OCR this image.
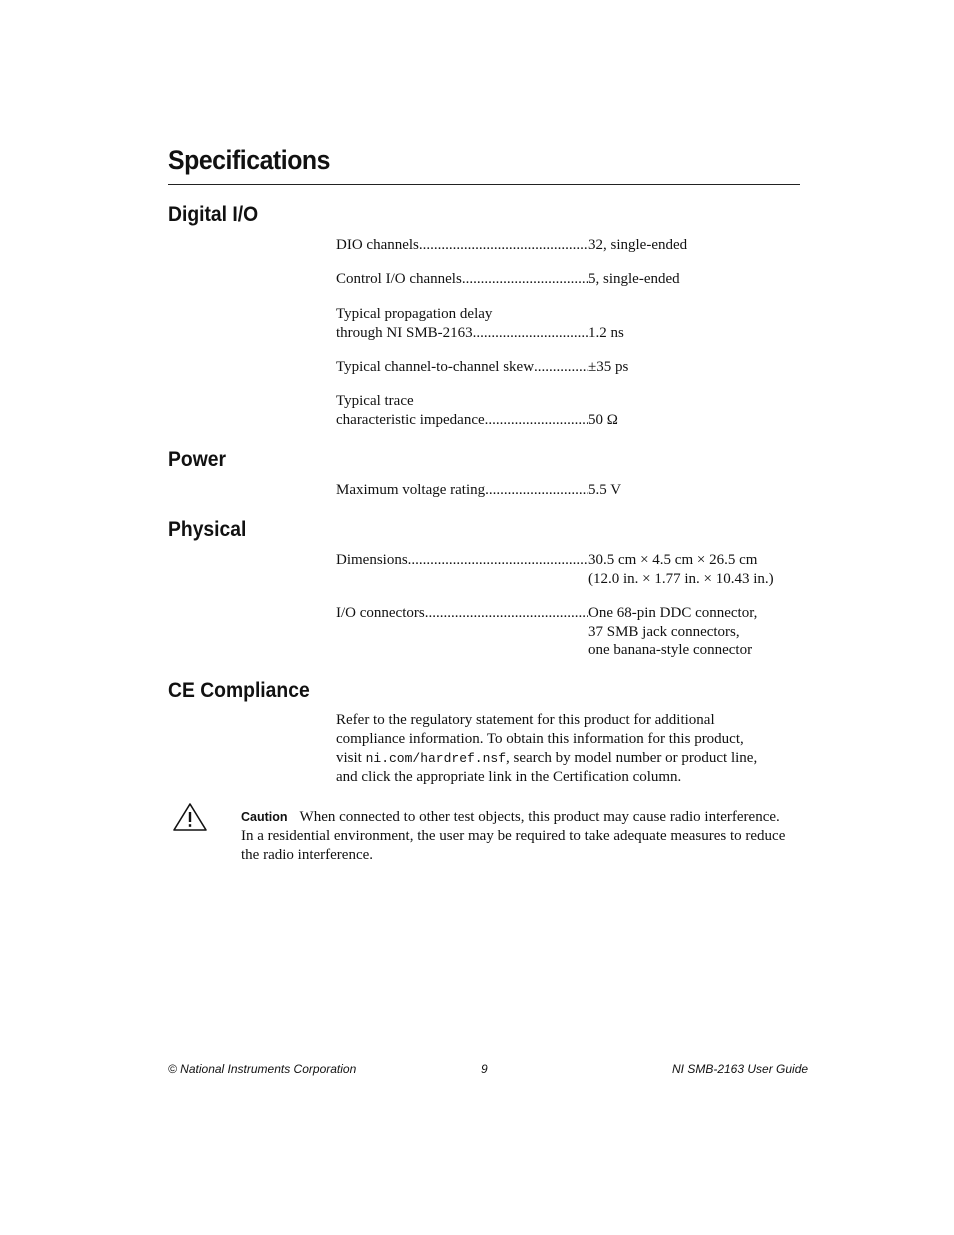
Specifications
Digital I/O
DIO channels .....	32, single-ended
Control I/O channels .....	5, single-ended
Typical propagation delay
through NI SMB-2163 .....	1.2 ns
Typical channel-to-channel skew .....	±35 ps
Typical trace
characteristic impedance .....	50 Ω
Power
Maximum voltage rating .....	5.5 V
Physical
Dimensions .....	30.5 cm × 4.5 cm × 26.5 cm
(12.0 in. × 1.77 in. × 10.43 in.)
I/O connectors .....	One 68-pin DDC connector,
37 SMB jack connectors,
one banana-style connector
CE Compliance
Refer to the regulatory statement for this product for additional
compliance information. To obtain this information for this product,
visit ni.com/hardref.nsf, search by model number or product line,
and click the appropriate link in the Certification column.
Caution When connected to other test objects, this product may cause radio interference.
In a residential environment, the user may be required to take adequate measures to reduce
the radio interference.
© National Instruments Corporation	9	NI SMB-2163 User Guide
